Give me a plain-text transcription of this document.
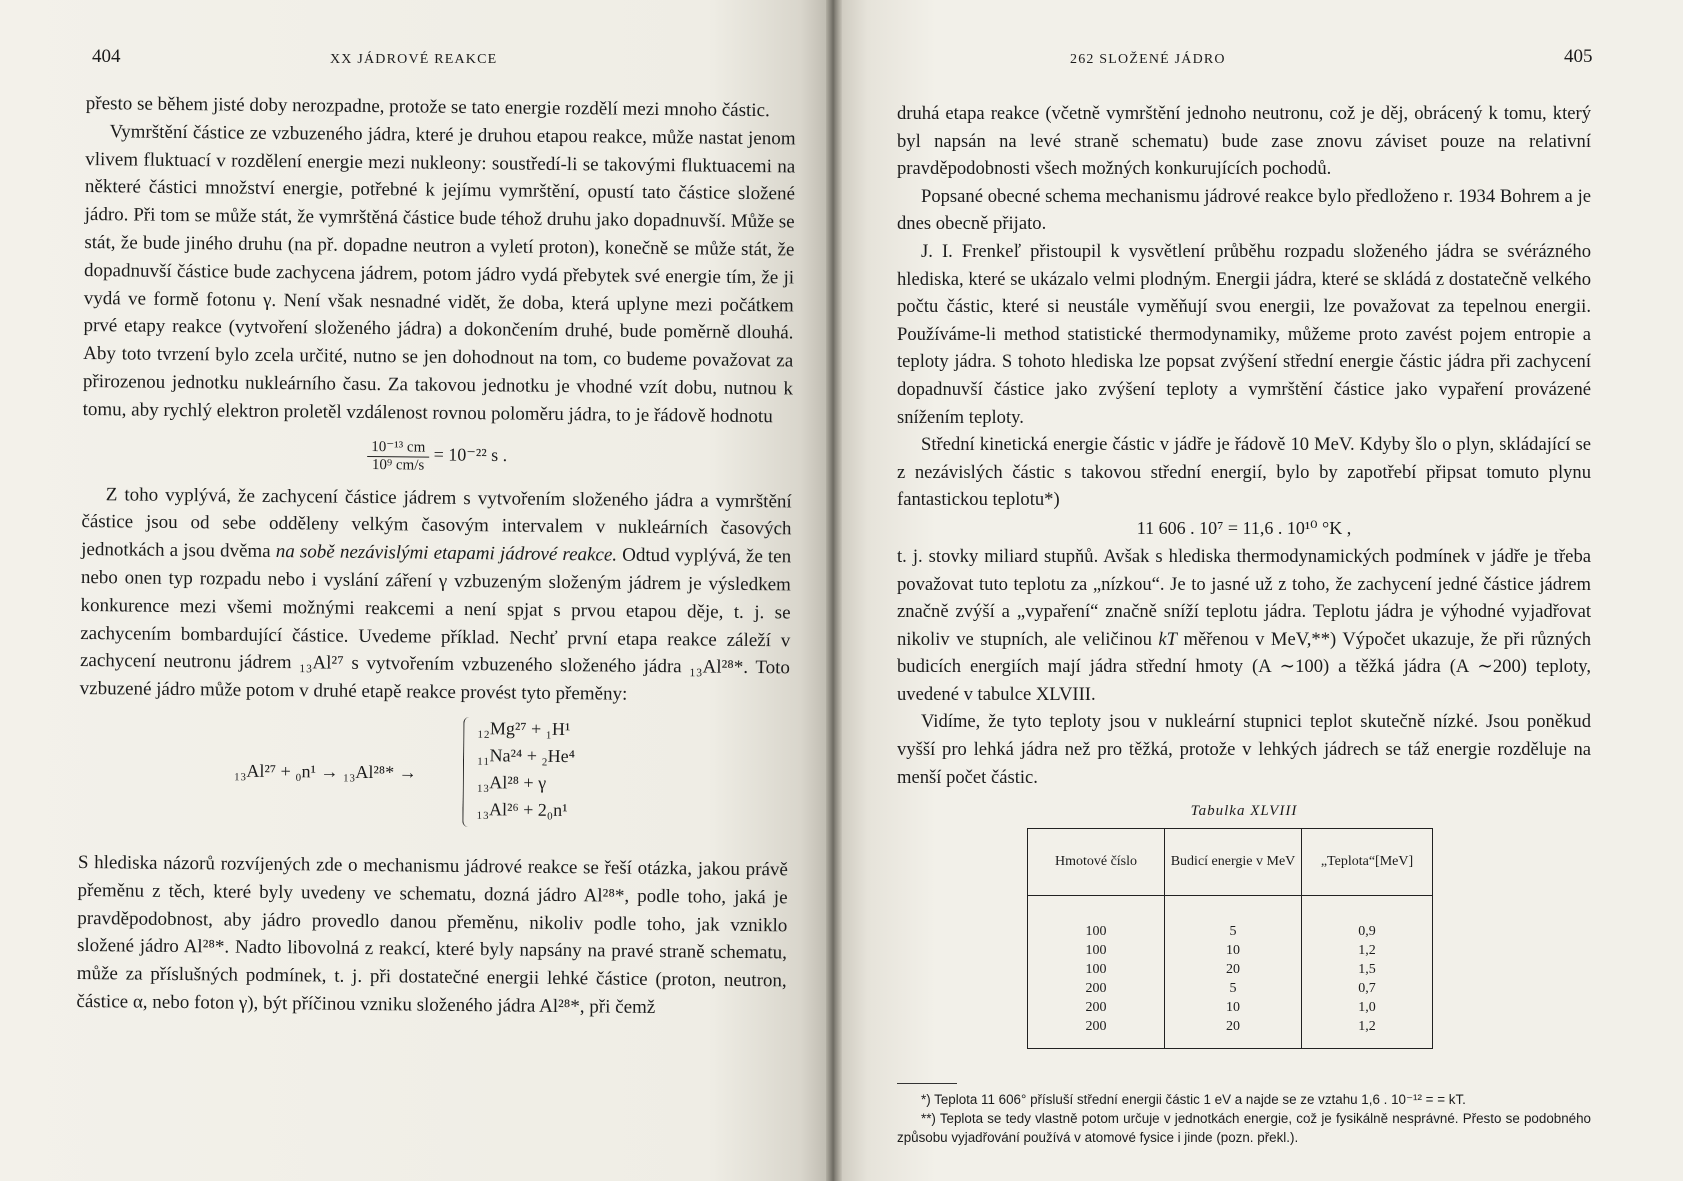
404	XX JÁDROVÉ REAKCE

přesto se během jisté doby nerozpadne, protože se tato energie rozdělí mezi mnoho částic.

Vymrštění částice ze vzbuzeného jádra, které je druhou etapou reakce, může nastat jenom vlivem fluktuací v rozdělení energie mezi nukleony: soustředí-li se takovými fluktuacemi na některé částici množství energie, potřebné k jejímu vymrštění, opustí tato částice složené jádro. Při tom se může stát, že vymrštěná částice bude téhož druhu jako dopadnuvší. Může se stát, že bude jiného druhu (na př. dopadne neutron a vyletí proton), konečně se může stát, že dopadnuvší částice bude zachycena jádrem, potom jádro vydá přebytek své energie tím, že ji vydá ve formě fotonu γ. Není však nesnadné vidět, že doba, která uplyne mezi počátkem prvé etapy reakce (vytvoření složeného jádra) a dokončením druhé, bude poměrně dlouhá. Aby toto tvrzení bylo zcela určité, nutno se jen dohodnout na tom, co budeme považovat za přirozenou jednotku nukleárního času. Za takovou jednotku je vhodné vzít dobu, nutnou k tomu, aby rychlý elektron proletěl vzdálenost rovnou poloměru jádra, to je řádově hodnotu

$\frac{\text{10⁻¹³ cm}}{\text{10⁹ cm/s}} = 10^{-22}$ s .

Z toho vyplývá, že zachycení částice jádrem s vytvořením složeného jádra a vymrštění částice jsou od sebe odděleny velkým časovým intervalem v nukleárních časových jednotkách a jsou dvěma na sobě nezávislými etapami jádrové reakce. Odtud vyplývá, že ten nebo onen typ rozpadu nebo i vyslání záření γ vzbuzeným složeným jádrem je výsledkem konkurence mezi všemi možnými reakcemi a není spjat s prvou etapou děje, t. j. se zachycením bombardující částice. Uvedeme příklad. Nechť první etapa reakce záleží v zachycení neutronu jádrem ₁₃Al²⁷ s vytvořením vzbuzeného složeného jádra ₁₃Al²⁸*. Toto vzbuzené jádro může potom v druhé etapě reakce provést tyto přeměny:

₁₃Al²⁷ + ₀n¹ → ₁₃Al²⁸* →
₁₂Mg²⁷ + ₁H¹
₁₁Na²⁴ + ₂He⁴
₁₃Al²⁸ + γ
₁₃Al²⁶ + 2₀n¹

S hlediska názorů rozvíjených zde o mechanismu jádrové reakce se řeší otázka, jakou právě přeměnu z těch, které byly uvedeny ve schematu, dozná jádro Al²⁸*, podle toho, jaká je pravděpodobnost, aby jádro provedlo danou přeměnu, nikoliv podle toho, jak vzniklo složené jádro Al²⁸*. Nadto libovolná z reakcí, které byly napsány na pravé straně schematu, může za příslušných podmínek, t. j. při dostatečné energii lehké částice (proton, neutron, částice α, nebo foton γ), být příčinou vzniku složeného jádra Al²⁸*, při čemž

262 SLOŽENÉ JÁDRO	405

druhá etapa reakce (včetně vymrštění jednoho neutronu, což je děj, obrácený k tomu, který byl napsán na levé straně schematu) bude zase znovu záviset pouze na relativní pravděpodobnosti všech možných konkurujících pochodů.

Popsané obecné schema mechanismu jádrové reakce bylo předloženo r. 1934 Bohrem a je dnes obecně přijato.

J. I. Frenkeľ přistoupil k vysvětlení průběhu rozpadu složeného jádra se svérázného hlediska, které se ukázalo velmi plodným. Energii jádra, které se skládá z dostatečně velkého počtu částic, které si neustále vyměňují svou energii, lze považovat za tepelnou energii. Používáme-li method statistické thermodynamiky, můžeme proto zavést pojem entropie a teploty jádra. S tohoto hlediska lze popsat zvýšení střední energie částic jádra při zachycení dopadnuvší částice jako zvýšení teploty a vymrštění částice jako vypaření provázené snížením teploty.

Střední kinetická energie částic v jádře je řádově 10 MeV. Kdyby šlo o plyn, skládající se z nezávislých částic s takovou střední energií, bylo by zapotřebí připsat tomuto plynu fantastickou teplotu*)

11 606 . 10⁷ = 11,6 . 10¹⁰ °K ,

t. j. stovky miliard stupňů. Avšak s hlediska thermodynamických podmínek v jádře je třeba považovat tuto teplotu za „nízkou“. Je to jasné už z toho, že zachycení jedné částice jádrem značně zvýší a „vypaření“ značně sníží teplotu jádra. Teplotu jádra je výhodné vyjadřovat nikoliv ve stupních, ale veličinou kT měřenou v MeV,**) Výpočet ukazuje, že při různých budicích energiích mají jádra střední hmoty (A ∼100) a těžká jádra (A ∼200) teploty, uvedené v tabulce XLVIII.

Vidíme, že tyto teploty jsou v nukleární stupnici teplot skutečně nízké. Jsou poněkud vyšší pro lehká jádra než pro těžká, protože v lehkých jádrech se táž energie rozděluje na menší počet částic.

Tabulka XLVIII
Hmotové číslo	Budicí energie v MeV	„Teplota“[MeV]
100	5	0,9
100	10	1,2
100	20	1,5
200	5	0,7
200	10	1,0
200	20	1,2

*) Teplota 11 606° přísluší střední energii částic 1 eV a najde se ze vztahu 1,6 . 10⁻¹² = = kT.

**) Teplota se tedy vlastně potom určuje v jednotkách energie, což je fysikálně nesprávné. Přesto se podobného způsobu vyjadřování používá v atomové fysice i jinde (pozn. překl.).
